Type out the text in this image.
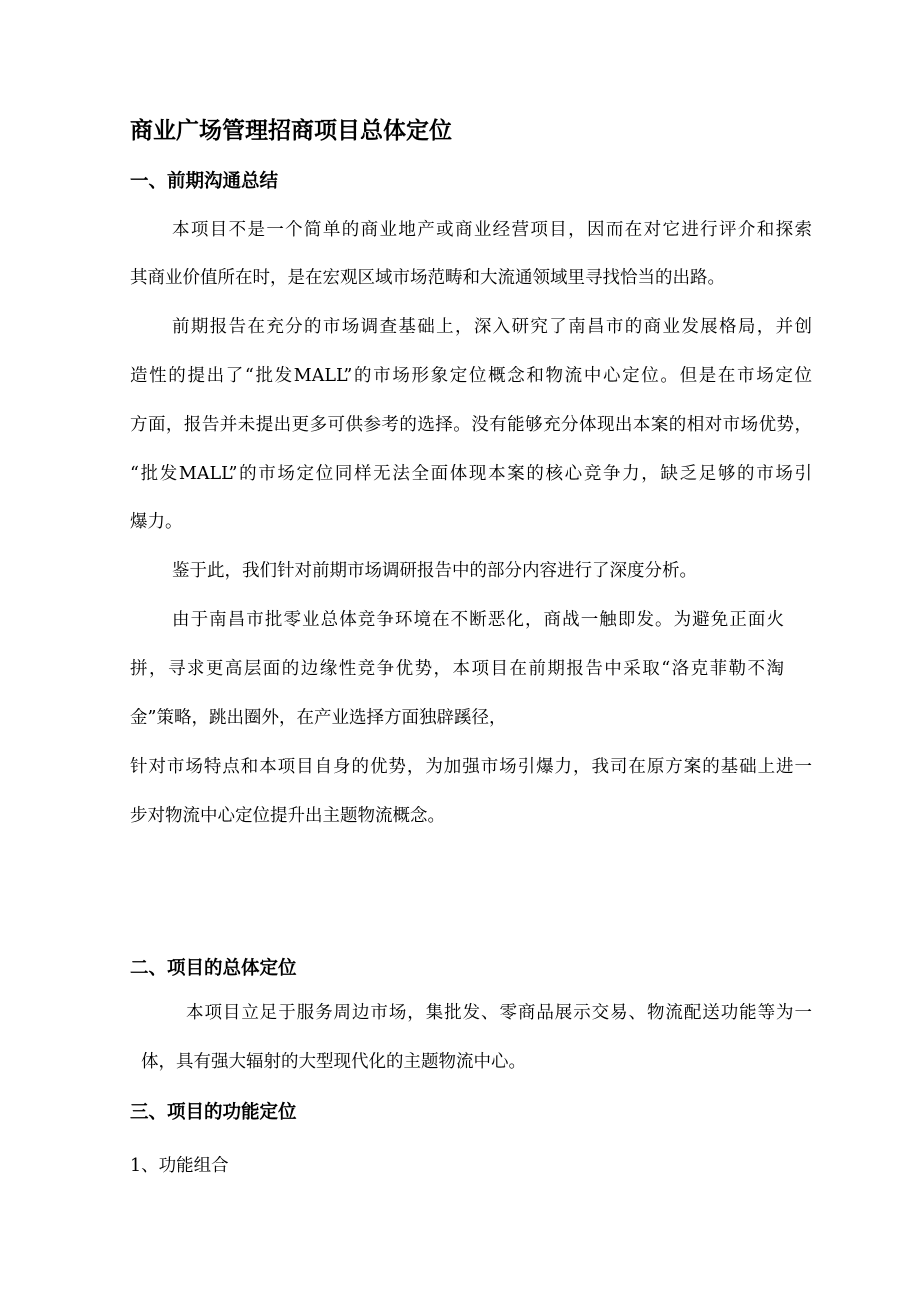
商业广场管理招商项目总体定位
一、前期沟通总结

本项目不是一个简单的商业地产或商业经营项目，因而在对它进行评介和探索

其商业价值所在时，是在宏观区域市场范畴和大流通领域里寻找恰当的出路。

前期报告在充分的市场调查基础上，深入研究了南昌市的商业发展格局，并创

造性的提出了“批发MALL”的市场形象定位概念和物流中心定位。但是在市场定位

方面，报告并未提出更多可供参考的选择。没有能够充分体现出本案的相对市场优势，

“批发MALL”的市场定位同样无法全面体现本案的核心竞争力，缺乏足够的市场引

爆力。

鉴于此，我们针对前期市场调研报告中的部分内容进行了深度分析。

由于南昌市批零业总体竞争环境在不断恶化，商战一触即发。为避免正面火

拼，寻求更高层面的边缘性竞争优势，本项目在前期报告中采取“洛克菲勒不淘

金”策略，跳出圈外，在产业选择方面独辟蹊径，

针对市场特点和本项目自身的优势，为加强市场引爆力，我司在原方案的基础上进一

步对物流中心定位提升出主题物流概念。

二、项目的总体定位

本项目立足于服务周边市场，集批发、零商品展示交易、物流配送功能等为一

体，具有强大辐射的大型现代化的主题物流中心。

三、项目的功能定位

1、功能组合
